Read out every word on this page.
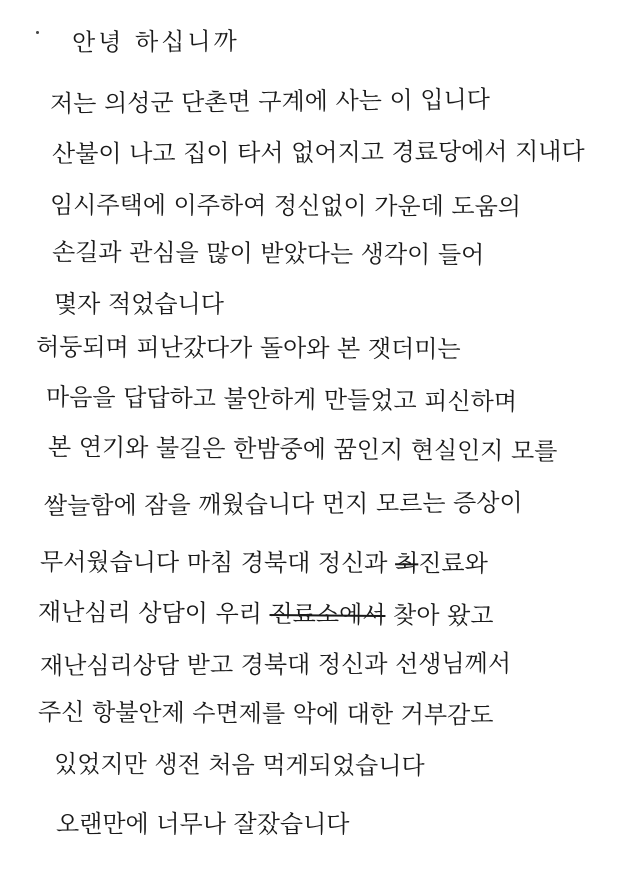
안녕 하십니까
저는 의성군 단촌면 구계에 사는 이 입니다
산불이 나고 집이 타서 없어지고 경료당에서 지내다
임시주택에 이주하여 정신없이 가운데 도움의
손길과 관심을 많이 받았다는 생각이 들어
몇자 적었습니다
허둥되며 피난갔다가 돌아와 본 잿더미는
마음을 답답하고 불안하게 만들었고 피신하며
본 연기와 불길은 한밤중에 꿈인지 현실인지 모를
쌀늘함에 잠을 깨웠습니다 먼지 모르는 증상이
무서웠습니다 마침 경북대 정신과 최진료와
재난심리 상담이 우리 진료소에서 찾아 왔고
재난심리상담 받고 경북대 정신과 선생님께서
주신 항불안제 수면제를 악에 대한 거부감도
있었지만 생전 처음 먹게되었습니다
오랜만에 너무나 잘잤습니다
